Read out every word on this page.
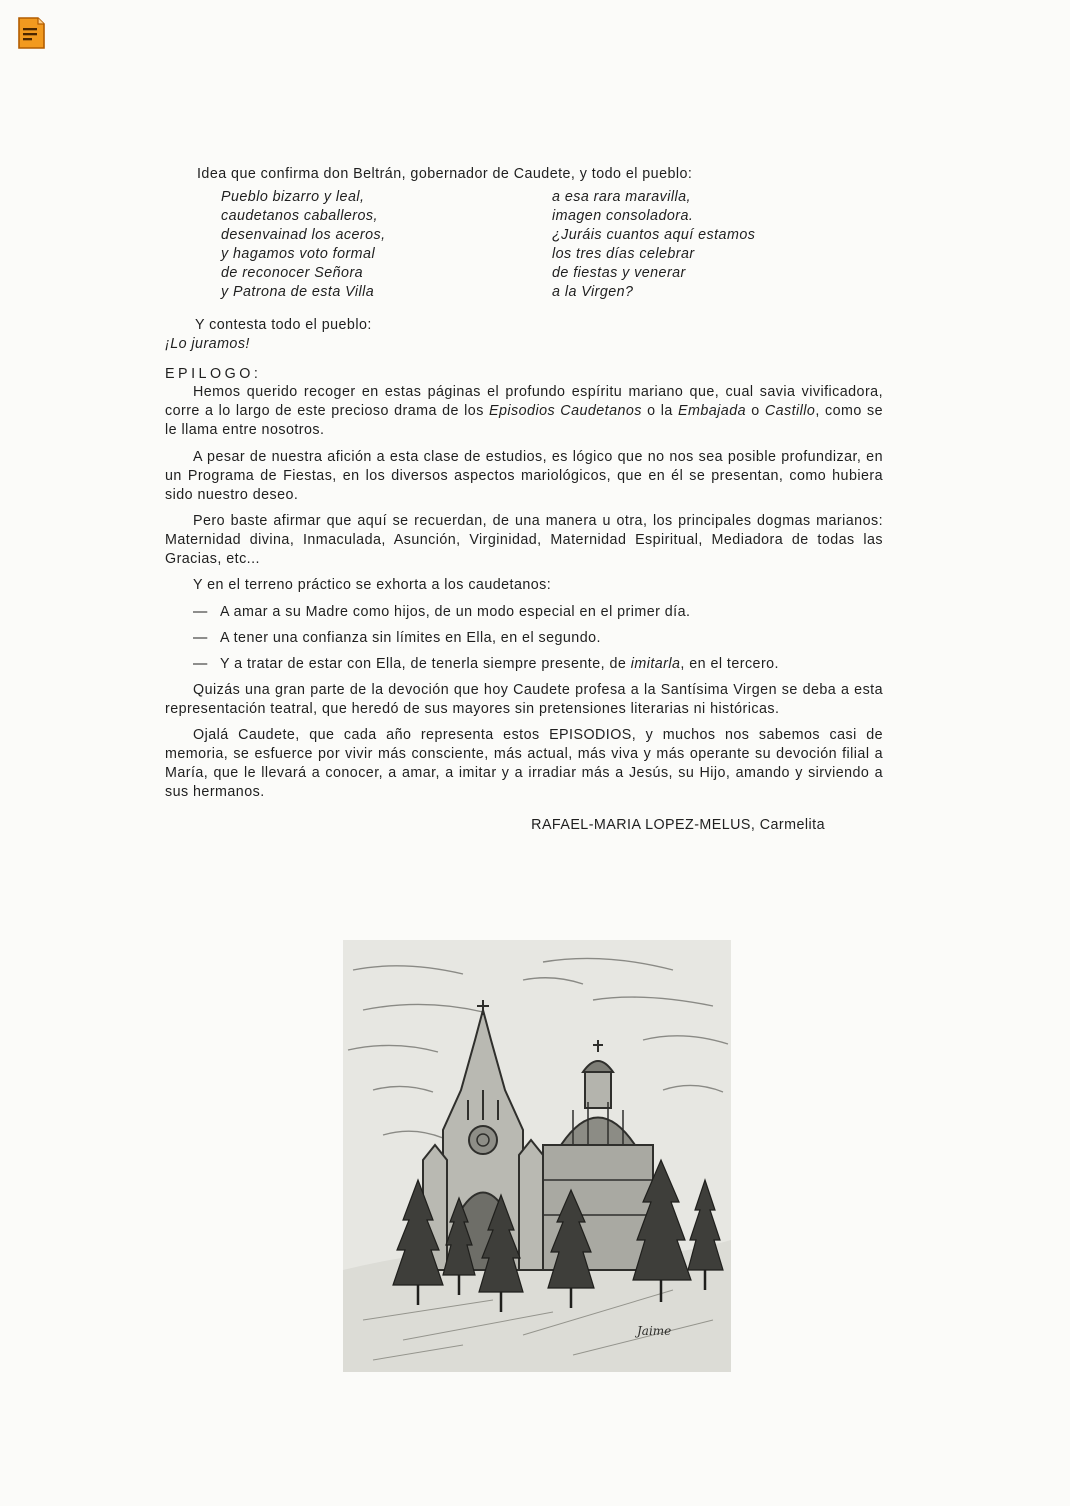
Idea que confirma don Beltrán, gobernador de Caudete, y todo el pueblo:

Pueblo bizarro y leal,
caudetanos caballeros,
desenvainad los aceros,
y hagamos voto formal
de reconocer Señora
y Patrona de esta Villa
a esa rara maravilla,
imagen consoladora.
¿Juráis cuantos aquí estamos
los tres días celebrar
de fiestas y venerar
a la Virgen?

Y contesta todo el pueblo:

¡Lo juramos!

EPILOGO:

Hemos querido recoger en estas páginas el profundo espíritu mariano que, cual savia vivificadora, corre a lo largo de este precioso drama de los Episodios Caudetanos o la Embajada o Castillo, como se le llama entre nosotros.

A pesar de nuestra afición a esta clase de estudios, es lógico que no nos sea posible profundizar, en un Programa de Fiestas, en los diversos aspectos mariológicos, que en él se presentan, como hubiera sido nuestro deseo.

Pero baste afirmar que aquí se recuerdan, de una manera u otra, los principales dogmas marianos: Maternidad divina, Inmaculada, Asunción, Virginidad, Maternidad Espiritual, Mediadora de todas las Gracias, etc...

Y en el terreno práctico se exhorta a los caudetanos:

— A amar a su Madre como hijos, de un modo especial en el primer día.
— A tener una confianza sin límites en Ella, en el segundo.
— Y a tratar de estar con Ella, de tenerla siempre presente, de imitarla, en el tercero.

Quizás una gran parte de la devoción que hoy Caudete profesa a la Santísima Virgen se deba a esta representación teatral, que heredó de sus mayores sin pretensiones literarias ni históricas.

Ojalá Caudete, que cada año representa estos EPISODIOS, y muchos nos sabemos casi de memoria, se esfuerce por vivir más consciente, más actual, más viva y más operante su devoción filial a María, que le llevará a conocer, a amar, a imitar y a irradiar más a Jesús, su Hijo, amando y sirviendo a sus hermanos.

RAFAEL-MARIA LOPEZ-MELUS, Carmelita

Jaime
